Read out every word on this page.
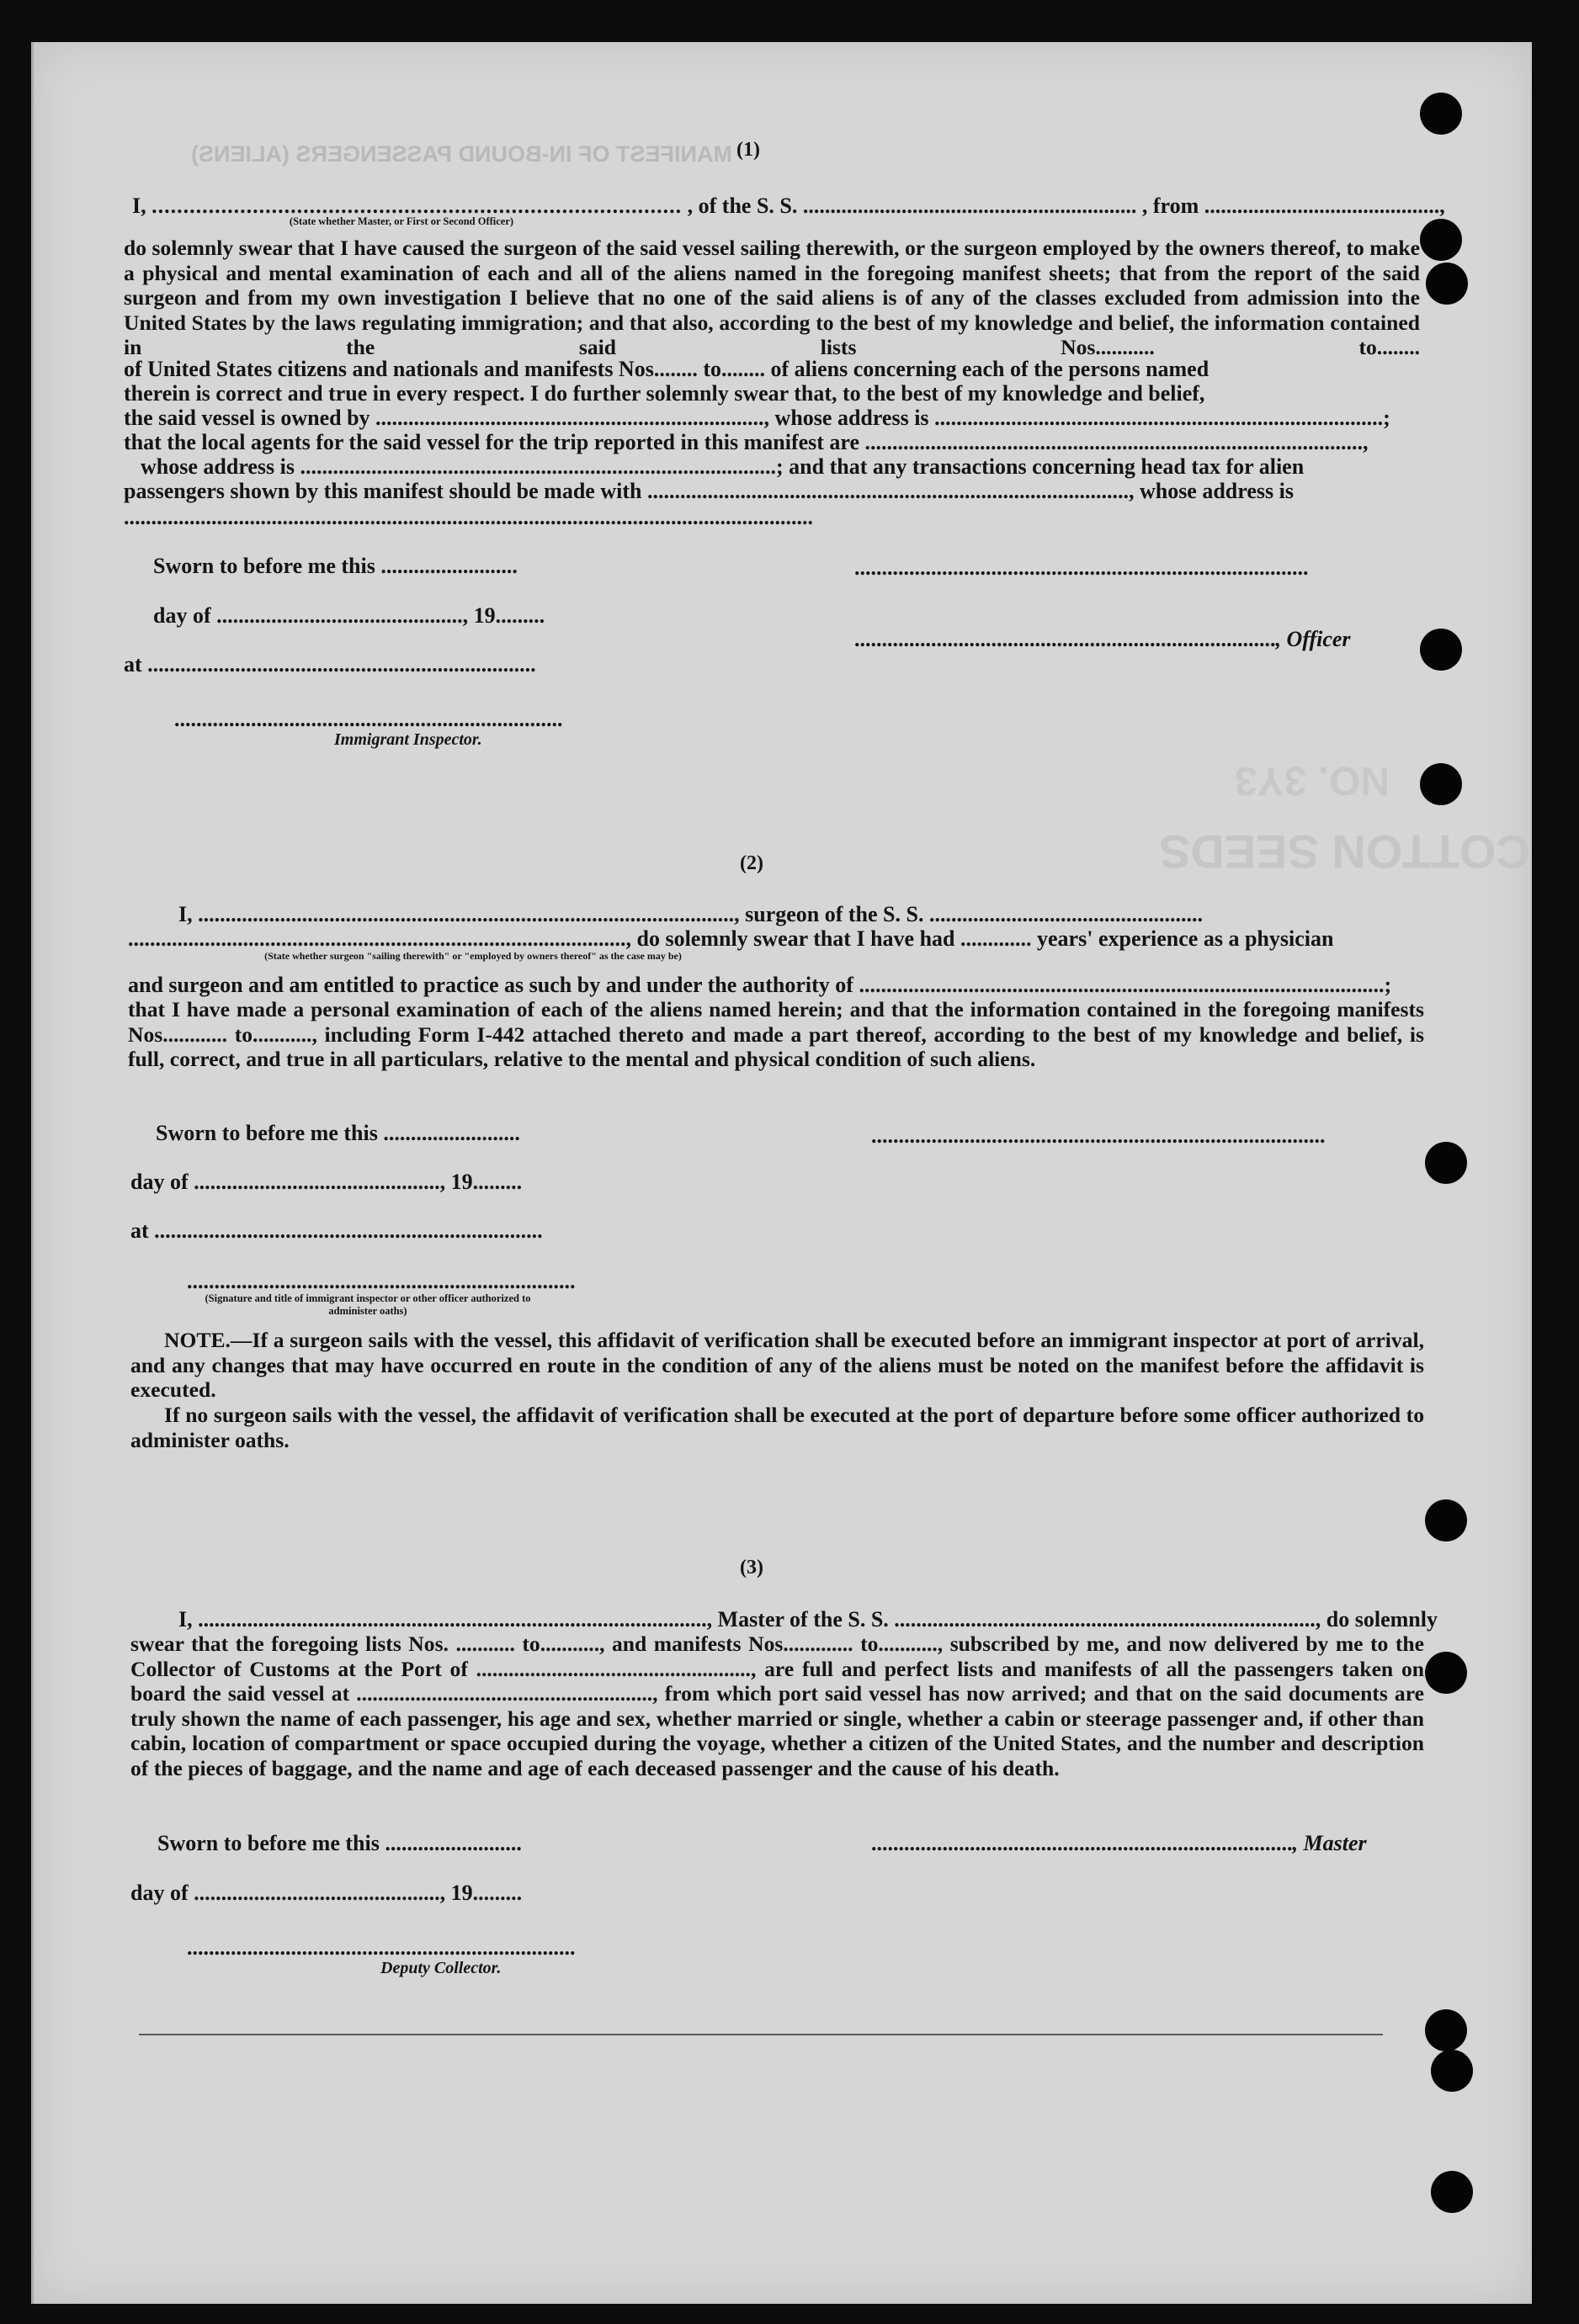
MANIFEST OF IN-BOUND PASSENGERS (ALIENS)
COTTON SEEDS
NO. 3Y3
(1)
I, .................................................................................... , of the S. S. ............................................................. , from ...........................................,
(State whether Master, or First or Second Officer)
do solemnly swear that I have caused the surgeon of the said vessel sailing therewith, or the surgeon employed by the owners thereof, to make a physical and mental examination of each and all of the aliens named in the foregoing manifest sheets; that from the report of the said surgeon and from my own investigation I believe that no one of the said aliens is of any of the classes excluded from admission into the United States by the laws regulating immigration; and that also, according to the best of my knowledge and belief, the information contained in the said lists Nos........... to........
of United States citizens and nationals and manifests Nos........ to........ of aliens concerning each of the persons named
therein is correct and true in every respect. I do further solemnly swear that, to the best of my knowledge and belief,
the said vessel is owned by ......................................................................., whose address is ..................................................................................;
that the local agents for the said vessel for the trip reported in this manifest are ...........................................................................................,
whose address is .......................................................................................; and that any transactions concerning head tax for alien
passengers shown by this manifest should be made with ........................................................................................, whose address is
..............................................................................................................................
Sworn to before me this .........................
day of ............................................., 19.........
at .......................................................................
.......................................................................
Immigrant Inspector.
...................................................................................
............................................................................., Officer
(2)
I, .................................................................................................., surgeon of the S. S. ..................................................
..........................................................................................., do solemnly swear that I have had ............. years' experience as a physician
(State whether surgeon "sailing therewith" or "employed by owners thereof" as the case may be)
and surgeon and am entitled to practice as such by and under the authority of ................................................................................................;
that I have made a personal examination of each of the aliens named herein; and that the information contained in the foregoing manifests Nos............ to..........., including Form I-442 attached thereto and made a part thereof, according to the best of my knowledge and belief, is full, correct, and true in all particulars, relative to the mental and physical condition of such aliens.
Sworn to before me this .........................
day of ............................................., 19.........
at .......................................................................
.......................................................................
(Signature and title of immigrant inspector or other officer authorized to administer oaths)
...................................................................................
NOTE.—If a surgeon sails with the vessel, this affidavit of verification shall be executed before an immigrant inspector at port of arrival, and any changes that may have occurred en route in the condition of any of the aliens must be noted on the manifest before the affidavit is executed.
If no surgeon sails with the vessel, the affidavit of verification shall be executed at the port of departure before some officer authorized to administer oaths.
(3)
I, ............................................................................................., Master of the S. S. ............................................................................., do solemnly
swear that the foregoing lists Nos. ........... to..........., and manifests Nos............. to..........., subscribed by me, and now delivered by me to the Collector of Customs at the Port of ..................................................., are full and perfect lists and manifests of all the passengers taken on board the said vessel at ......................................................., from which port said vessel has now arrived; and that on the said documents are truly shown the name of each passenger, his age and sex, whether married or single, whether a cabin or steerage passenger and, if other than cabin, location of compartment or space occupied during the voyage, whether a citizen of the United States, and the number and description of the pieces of baggage, and the name and age of each deceased passenger and the cause of his death.
Sworn to before me this .........................	............................................................................., Master
day of ............................................., 19.........
.......................................................................
Deputy Collector.
